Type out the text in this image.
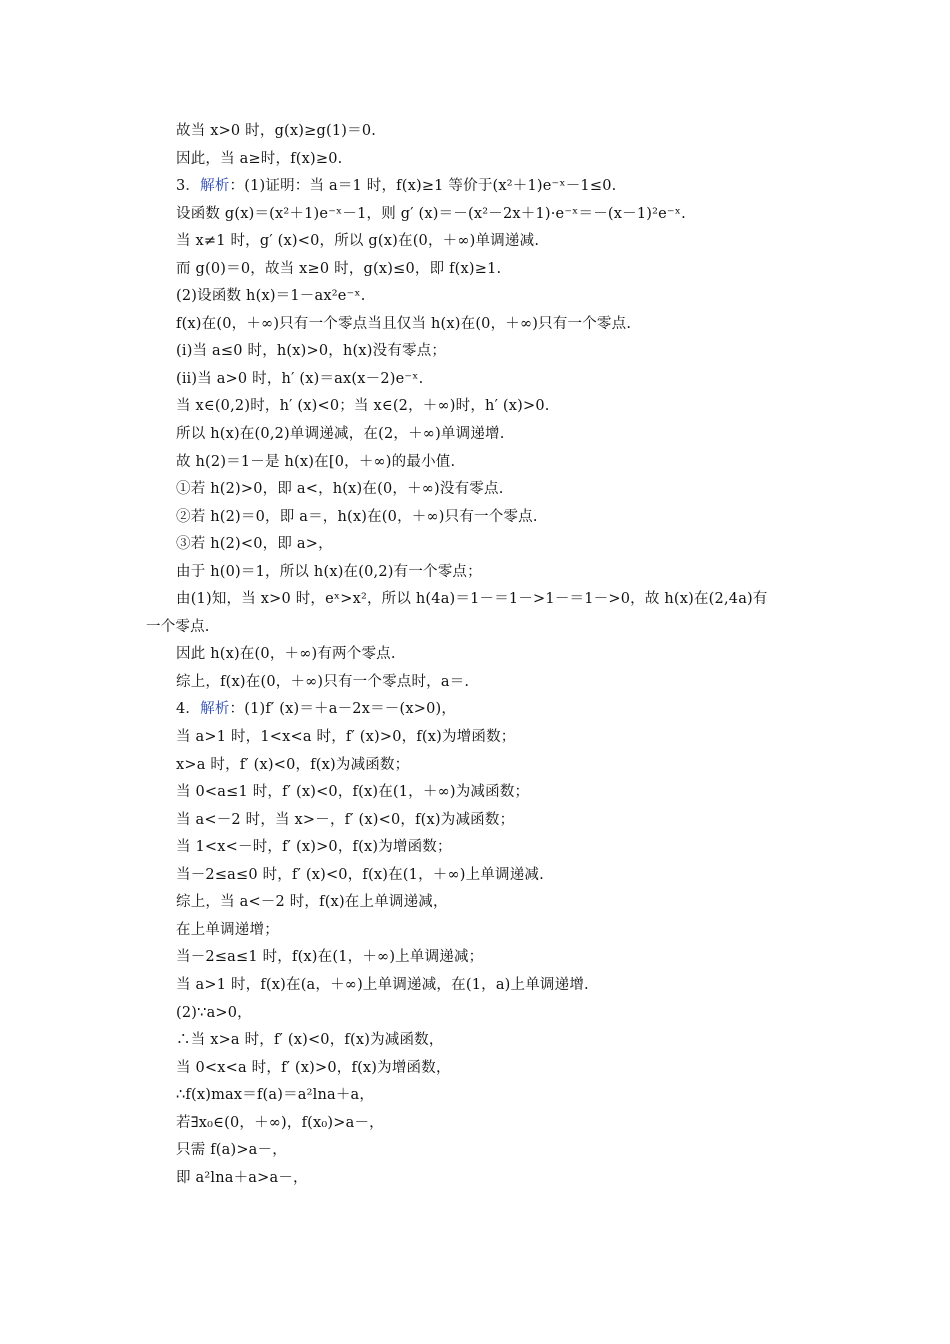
故当 x>0 时，g(x)≥g(1)＝0.
因此，当 a≥时，f(x)≥0.
3．解析：(1)证明：当 a＝1 时，f(x)≥1 等价于(x²＋1)e⁻ˣ－1≤0.
设函数 g(x)＝(x²＋1)e⁻ˣ－1，则 g′ (x)＝－(x²－2x＋1)·e⁻ˣ＝－(x－1)²e⁻ˣ.
当 x≠1 时，g′ (x)<0，所以 g(x)在(0，＋∞)单调递减.
而 g(0)＝0，故当 x≥0 时，g(x)≤0，即 f(x)≥1.
(2)设函数 h(x)＝1－ax²e⁻ˣ.
f(x)在(0，＋∞)只有一个零点当且仅当 h(x)在(0，＋∞)只有一个零点.
(ⅰ)当 a≤0 时，h(x)>0，h(x)没有零点；
(ⅱ)当 a>0 时，h′ (x)＝ax(x－2)e⁻ˣ.
当 x∈(0,2)时，h′ (x)<0；当 x∈(2，＋∞)时，h′ (x)>0.
所以 h(x)在(0,2)单调递减，在(2，＋∞)单调递增.
故 h(2)＝1－是 h(x)在[0，＋∞)的最小值.
①若 h(2)>0，即 a<，h(x)在(0，＋∞)没有零点.
②若 h(2)＝0，即 a＝，h(x)在(0，＋∞)只有一个零点.
③若 h(2)<0，即 a>，
由于 h(0)＝1，所以 h(x)在(0,2)有一个零点；
由(1)知，当 x>0 时，eˣ>x²，所以 h(4a)＝1－＝1－>1－＝1－>0，故 h(x)在(2,4a)有
一个零点.
因此 h(x)在(0，＋∞)有两个零点.
综上，f(x)在(0，＋∞)只有一个零点时，a＝.
4．解析：(1)f′ (x)＝＋a－2x＝－(x>0)，
当 a>1 时，1<x<a 时，f′ (x)>0，f(x)为增函数；
x>a 时，f′ (x)<0，f(x)为减函数；
当 0<a≤1 时，f′ (x)<0，f(x)在(1，＋∞)为减函数；
当 a<－2 时，当 x>－，f′ (x)<0，f(x)为减函数；
当 1<x<－时，f′ (x)>0，f(x)为增函数；
当－2≤a≤0 时，f′ (x)<0，f(x)在(1，＋∞)上单调递减.
综上，当 a<－2 时，f(x)在上单调递减，
在上单调递增；
当－2≤a≤1 时，f(x)在(1，＋∞)上单调递减；
当 a>1 时，f(x)在(a，＋∞)上单调递减，在(1，a)上单调递增.
(2)∵a>0，
∴当 x>a 时，f′ (x)<0，f(x)为减函数，
当 0<x<a 时，f′ (x)>0，f(x)为增函数，
∴f(x)max＝f(a)＝a²lna＋a，
若∃x₀∈(0，＋∞)，f(x₀)>a－，
只需 f(a)>a－，
即 a²lna＋a>a－，
